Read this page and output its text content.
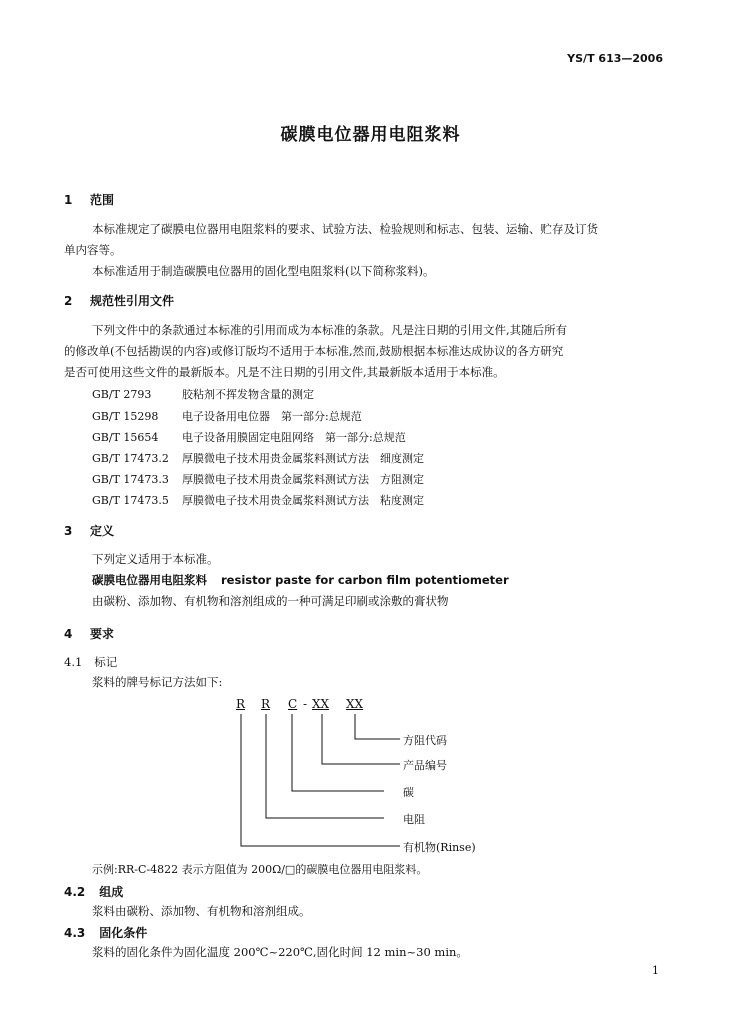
YS/T 613—2006
碳膜电位器用电阻浆料
1 范围
本标准规定了碳膜电位器用电阻浆料的要求、试验方法、检验规则和标志、包装、运输、贮存及订货
单内容等。
本标准适用于制造碳膜电位器用的固化型电阻浆料(以下简称浆料)。
2 规范性引用文件
下列文件中的条款通过本标准的引用而成为本标准的条款。凡是注日期的引用文件,其随后所有
的修改单(不包括勘误的内容)或修订版均不适用于本标准,然而,鼓励根据本标准达成协议的各方研究
是否可使用这些文件的最新版本。凡是不注日期的引用文件,其最新版本适用于本标准。
GB/T 2793	胶粘剂不挥发物含量的测定
GB/T 15298 电子设备用电位器　第一部分:总规范
GB/T 15654 电子设备用膜固定电阻网络　第一部分:总规范
GB/T 17473.2 厚膜微电子技术用贵金属浆料测试方法　细度测定
GB/T 17473.3 厚膜微电子技术用贵金属浆料测试方法　方阻测定
GB/T 17473.5 厚膜微电子技术用贵金属浆料测试方法　粘度测定
3 定义
下列定义适用于本标准。
碳膜电位器用电阻浆料 resistor paste for carbon film potentiometer
由碳粉、添加物、有机物和溶剂组成的一种可满足印刷或涂敷的膏状物
4 要求
4.1 标记
浆料的牌号标记方法如下:
R R C - XX XX
方阻代码
产品编号
碳
电阻
有机物(Rinse)
示例:RR-C-4822 表示方阻值为 200Ω/□的碳膜电位器用电阻浆料。
4.2 组成
浆料由碳粉、添加物、有机物和溶剂组成。
4.3 固化条件
浆料的固化条件为固化温度 200℃~220℃,固化时间 12 min~30 min。
1
